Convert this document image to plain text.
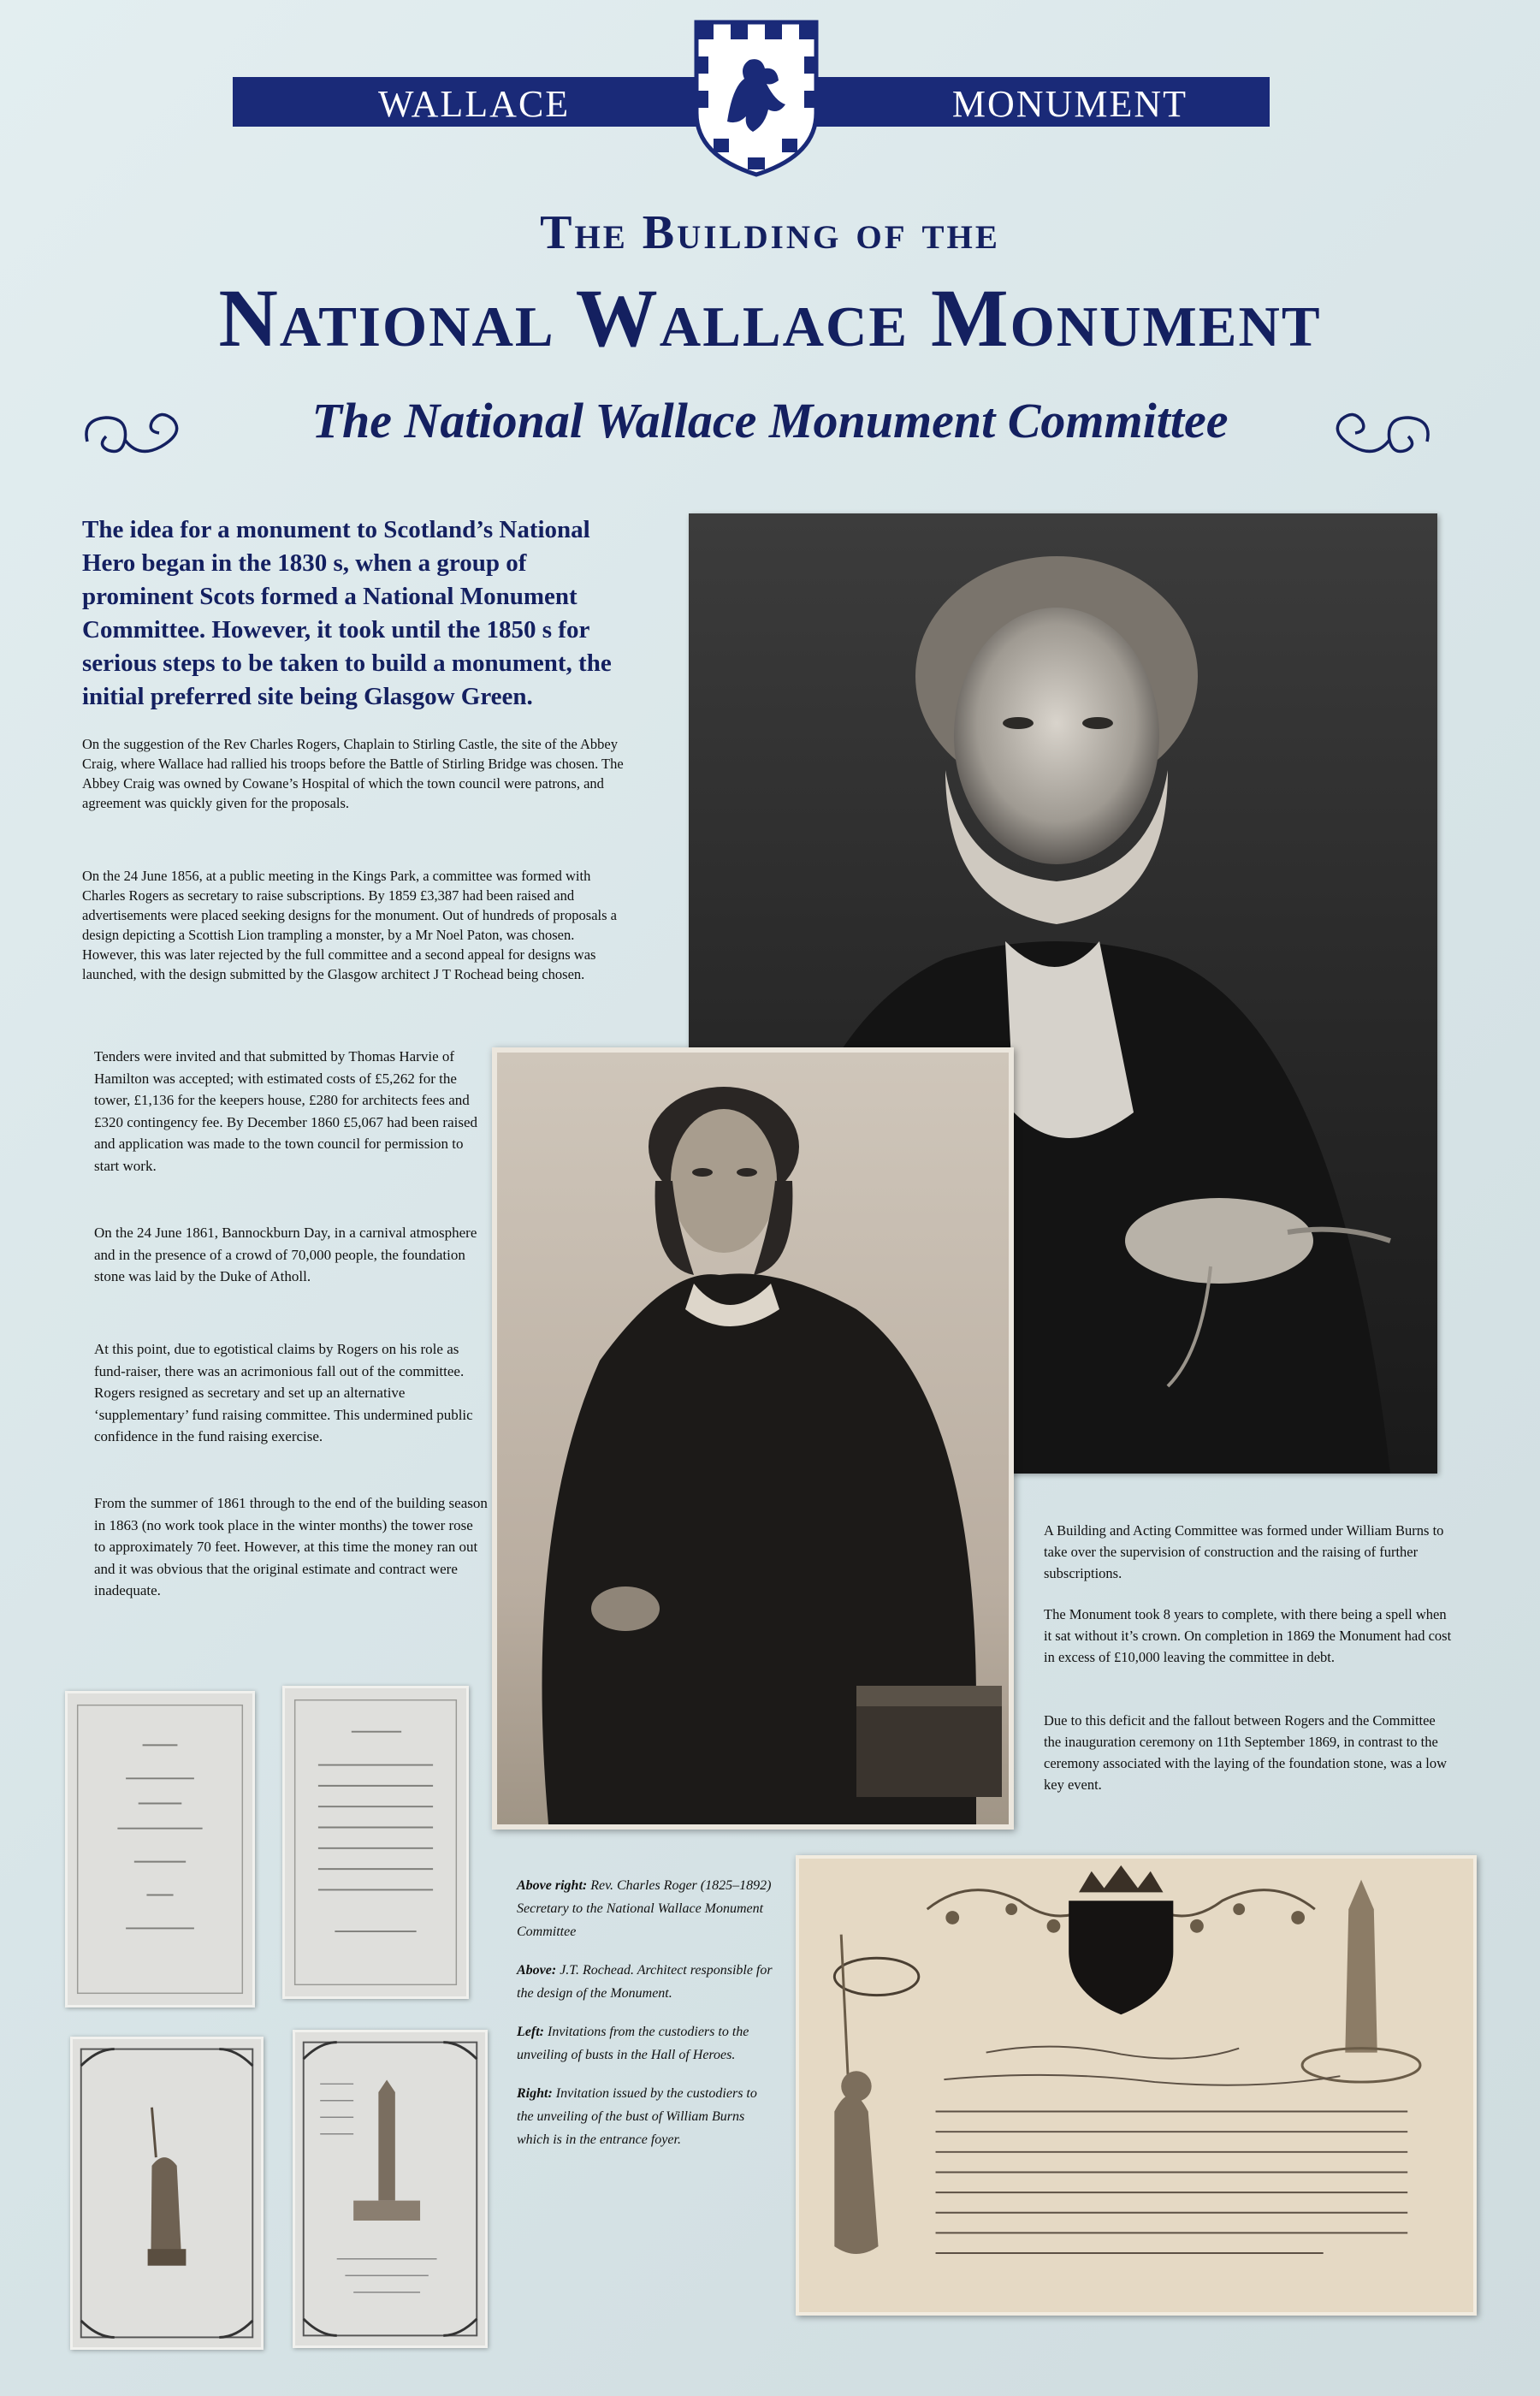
WALLACE	MONUMENT
The Building of the
National Wallace Monument
The National Wallace Monument Committee
The idea for a monument to Scotland’s National Hero began in the 1830 s, when a group of prominent Scots formed a National Monument Committee. However, it took until the 1850 s for serious steps to be taken to build a monument, the initial preferred site being Glasgow Green.
On the suggestion of the Rev Charles Rogers, Chaplain to Stirling Castle, the site of the Abbey Craig, where Wallace had rallied his troops before the Battle of Stirling Bridge was chosen. The Abbey Craig was owned by Cowane’s Hospital of which the town council were patrons, and agreement was quickly given for the proposals.
On the 24 June 1856, at a public meeting in the Kings Park, a committee was formed with Charles Rogers as secretary to raise subscriptions. By 1859 £3,387 had been raised and advertisements were placed seeking designs for the monument. Out of hundreds of proposals a design depicting a Scottish Lion trampling a monster, by a Mr Noel Paton, was chosen. However, this was later rejected by the full committee and a second appeal for designs was launched, with the design submitted by the Glasgow architect J T Rochead being chosen.
Tenders were invited and that submitted by Thomas Harvie of Hamilton was accepted; with estimated costs of £5,262 for the tower, £1,136 for the keepers house, £280 for architects fees and £320 contingency fee. By December 1860 £5,067 had been raised and application was made to the town council for permission to start work.
On the 24 June 1861, Bannockburn Day, in a carnival atmosphere and in the presence of a crowd of 70,000 people, the foundation stone was laid by the Duke of Atholl.
At this point, due to egotistical claims by Rogers on his role as fund-raiser, there was an acrimonious fall out of the committee. Rogers resigned as secretary and set up an alternative ‘supplementary’ fund raising committee. This undermined public confidence in the fund raising exercise.
From the summer of 1861 through to the end of the building season in 1863 (no work took place in the winter months) the tower rose to approximately 70 feet. However, at this time the money ran out and it was obvious that the original estimate and contract were inadequate.
A Building and Acting Committee was formed under William Burns to take over the supervision of construction and the raising of further subscriptions.
The Monument took 8 years to complete, with there being a spell when it sat without it’s crown. On completion in 1869 the Monument had cost in excess of £10,000 leaving the committee in debt.
Due to this deficit and the fallout between Rogers and the Committee the inauguration ceremony on 11th September 1869, in contrast to the ceremony associated with the laying of the foundation stone, was a low key event.

Above right: Rev. Charles Roger (1825–1892) Secretary to the National Wallace Monument Committee

Above: J.T. Rochead. Architect responsible for the design of the Monument.

Left: Invitations from the custodiers to the unveiling of busts in the Hall of Heroes.

Right: Invitation issued by the custodiers to the unveiling of the bust of William Burns which is in the entrance foyer.
